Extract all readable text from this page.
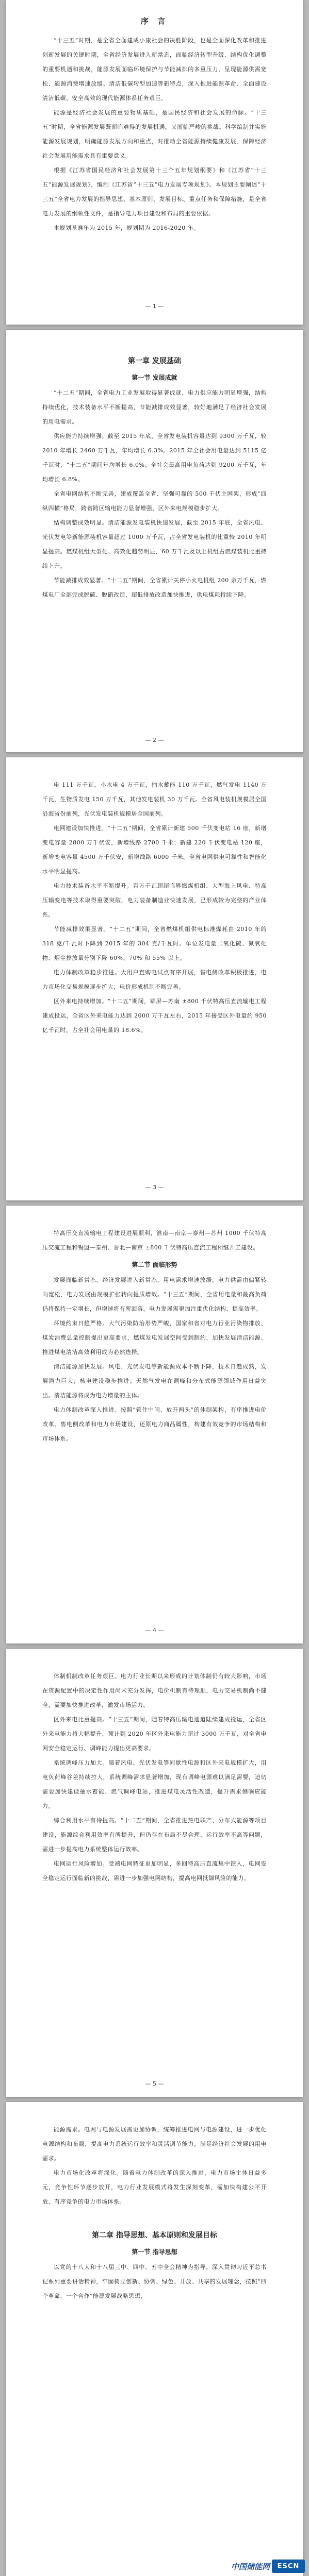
序 言

“十三五”时期，是全省全面建成小康社会的决胜阶段，也是全面深化改革和推进创新发展的关键时期，全省经济发展进入新常态，面临经济转型升级、结构优化调整的重要机遇和挑战，能源发展面临环境保护与节能减排的多重压力，呈现能源供需宽松、能源消费增速放缓、清洁低碳转型加速等新特点，深入推进能源革命、全面建设清洁低碳、安全高效的现代能源体系任务艰巨。

能源是经济社会发展的重要物质基础，是国民经济和社会发展的命脉。“十三五”时期，全省能源发展既面临难得的发展机遇，又面临严峻的挑战。科学编制并实施能源发展规划，明确能源发展方向和重点，对推动全省能源持续健康发展、保障经济社会发展用能需求具有重要意义。

根据《江苏省国民经济和社会发展第十三个五年规划纲要》和《江苏省“十三五”能源发展规划》，编制《江苏省“十三五”电力发展专项规划》。本规划主要阐述“十三五”全省电力发展的指导思想、基本原则、发展目标、重点任务和保障措施，是全省电力发展的纲领性文件，是指导电力项目建设和布局的重要依据。

本规划基准年为 2015 年，规划期为 2016-2020 年。

— 1 —
第一章 发展基础
第一节 发展成就

“十二五”期间，全省电力工业发展取得显著成就，电力供应能力明显增强，结构持续优化，技术装备水平不断提高，节能减排成效显著，较好地满足了经济社会发展的用电需求。

供应能力持续增强。截至 2015 年底，全省发电装机容量达到 9300 万千瓦，较 2010 年增长 2460 万千瓦，年均增长 6.3%。2015 年全社会用电量达到 5115 亿千瓦时，“十二五”期间年均增长 6.0%；全社会最高用电负荷达到 9200 万千瓦，年均增长 6.8%。

全省电网结构不断完善，建成覆盖全省、坚强可靠的 500 千伏主网架，形成“四纵四横”格局，跨省跨区输电能力显著增强，区外来电规模稳步扩大。

结构调整成效明显。清洁能源发电装机快速发展，截至 2015 年底，全省风电、光伏发电等新能源装机容量超过 1000 万千瓦，占全省发电装机的比重较 2010 年明显提高。燃煤机组大型化、高效化趋势明显，60 万千瓦及以上机组占燃煤装机比重持续上升。

节能减排成效显著。“十二五”期间，全省累计关停小火电机组 200 余万千瓦，燃煤电厂全部完成脱硫、脱硝改造，超低排放改造加快推进，供电煤耗持续下降。

— 2 —

电 111 万千瓦，小水电 4 万千瓦，抽水蓄能 110 万千瓦，燃气发电 1140 万千瓦，生物质发电 150 万千瓦，其他发电装机 30 万千瓦。全省风电装机规模居全国沿海省份前列，光伏发电装机规模居全国前列。

电网建设加快推进。“十二五”期间，全省累计新建 500 千伏变电站 16 座，新增变电容量 2800 万千伏安，新增线路 2700 千米；新建 220 千伏变电站 120 座，新增变电容量 4500 万千伏安，新增线路 6000 千米。全省电网供电可靠性和智能化水平明显提高。

电力技术装备水平不断提升。百万千瓦超超临界燃煤机组、大型海上风电、特高压输变电等技术取得重要突破，电力装备制造业快速发展，已形成较为完整的产业体系。

节能减排效果显著。“十二五”期间，全省燃煤机组供电标准煤耗由 2010 年的 318 克/千瓦时下降到 2015 年的 304 克/千瓦时。单位发电量二氧化硫、氮氧化物、烟尘排放量分别下降 60%、70% 和 55% 以上。

电力体制改革稳步推进。大用户直购电试点有序开展，售电侧改革积极推进，电力市场化交易规模逐步扩大，电价形成机制不断完善。

区外来电持续增加。“十二五”期间，锦屏—苏南 ±800 千伏特高压直流输电工程建成投运，全省区外来电能力达到 2000 万千瓦左右，2015 年接受区外电量约 950 亿千瓦时，占全社会用电量的 18.6%。

— 3 —

特高压交直流输电工程建设进展顺利，淮南—南京—泰州—苏州 1000 千伏特高压交流工程和锡盟—泰州、晋北—南京 ±800 千伏特高压直流工程相继开工建设。

第二节 面临形势

发展面临新常态。经济发展进入新常态，用电需求增速放缓，电力供需由偏紧转向宽松，电力发展由规模扩张转向提质增效。“十三五”期间，全省用电量和最高负荷仍将保持一定增长，但增速将有所回落，电力发展需更加注重优化结构、提高效率。

环境约束日趋严格。大气污染防治形势严峻，国家和省对电力行业污染物排放、煤炭消费总量控制提出更高要求，燃煤发电发展空间受到制约，加快发展清洁能源、推进煤电清洁高效利用成为必然选择。

清洁能源加快发展。风电、光伏发电等新能源成本不断下降，技术日趋成熟，发展潜力巨大；核电建设稳步推进；天然气发电在调峰和分布式能源领域作用日益突出。清洁能源将成为电力增量的主体。

电力体制改革深入推进。按照“管住中间、放开两头”的体制架构，有序推进电价改革、售电侧改革和电力市场建设，还原电力商品属性，构建有效竞争的市场结构和市场体系。

— 4 —

体制机制改革任务艰巨。电力行业长期以来形成的计划体制仍有较大影响，市场在资源配置中的决定性作用尚未充分发挥，电价机制有待理顺，电力交易机制尚不健全，需要加快推进改革，激发市场活力。

区外来电比重提高。“十三五”期间，随着特高压输电通道陆续建成投运，全省区外来电能力将大幅提升，预计到 2020 年区外来电能力超过 3000 万千瓦，对全省电网安全稳定运行、调峰能力提出更高要求。

系统调峰压力加大。随着风电、光伏发电等间歇性电源和区外来电规模扩大，用电负荷峰谷差持续拉大，系统调峰需求显著增加，现有调峰电源难以满足需要，迫切需要加快建设抽水蓄能、燃气调峰电站，推进煤电灵活性改造，提升需求侧响应能力。

综合利用水平有待提高。“十二五”期间，全省推进热电联产、分布式能源等项目建设，能源综合利用效率有所提升，但仍存在布局不尽合理、运行效率不高等问题，需进一步提高电力系统整体运行效率。

电网运行风险增加。受端电网特征更加明显，多回特高压直流集中馈入，电网安全稳定运行面临新的挑战，需进一步加强电网结构，提高电网抵御风险的能力。

— 5 —

能源需求。电网与电源发展需更加协调，统筹推进电网与电源建设，进一步优化电源结构和布局，提高电力系统运行效率和灵活调节能力，满足经济社会发展的用电需求。

电力市场化改革将深化。随着电力体制改革的深入推进，电力市场主体日益多元，竞争性环节逐步放开，电力行业发展模式将发生深刻变革，需加快构建公平开放、有序竞争的电力市场体系。

第二章 指导思想、基本原则和发展目标
第一节 指导思想

以党的十八大和十八届三中、四中、五中全会精神为指导，深入贯彻习近平总书记系列重要讲话精神，牢固树立创新、协调、绿色、开放、共享的发展理念，按照“四个革命、一个合作”能源发展战略思想，

中国储能网	ESCN
